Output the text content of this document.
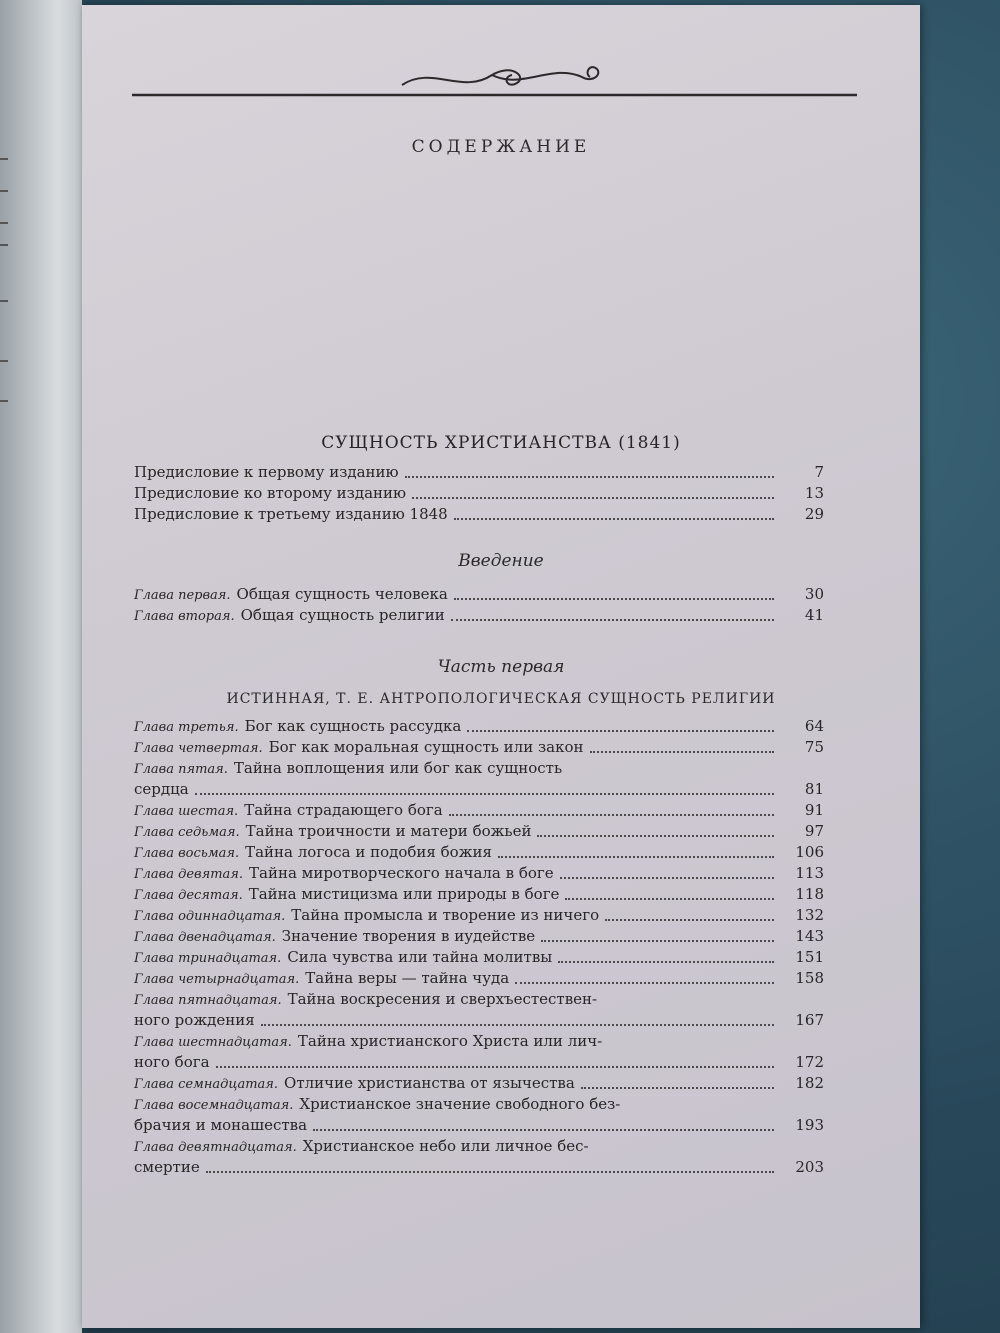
СОДЕРЖАНИЕ
СУЩНОСТЬ ХРИСТИАНСТВА (1841)
Предисловие к первому изданию	7
Предисловие ко второму изданию	13
Предисловие к третьему изданию 1848	29
Введение
Глава первая. Общая сущность человека	30
Глава вторая. Общая сущность религии	41
Часть первая
ИСТИННАЯ, Т. Е. АНТРОПОЛОГИЧЕСКАЯ СУЩНОСТЬ РЕЛИГИИ
Глава третья. Бог как сущность рассудка	64
Глава четвертая. Бог как моральная сущность или закон	75
Глава пятая. Тайна воплощения или бог как сущность
сердца	81
Глава шестая. Тайна страдающего бога	91
Глава седьмая. Тайна троичности и матери божьей	97
Глава восьмая. Тайна логоса и подобия божия	106
Глава девятая. Тайна миротворческого начала в боге	113
Глава десятая. Тайна мистицизма или природы в боге	118
Глава одиннадцатая. Тайна промысла и творение из ничего	132
Глава двенадцатая. Значение творения в иудействе	143
Глава тринадцатая. Сила чувства или тайна молитвы	151
Глава четырнадцатая. Тайна веры — тайна чуда	158
Глава пятнадцатая. Тайна воскресения и сверхъестествен-
ного рождения	167
Глава шестнадцатая. Тайна христианского Христа или лич-
ного бога	172
Глава семнадцатая. Отличие христианства от язычества	182
Глава восемнадцатая. Христианское значение свободного без-
брачия и монашества	193
Глава девятнадцатая. Христианское небо или личное бес-
смертие	203
